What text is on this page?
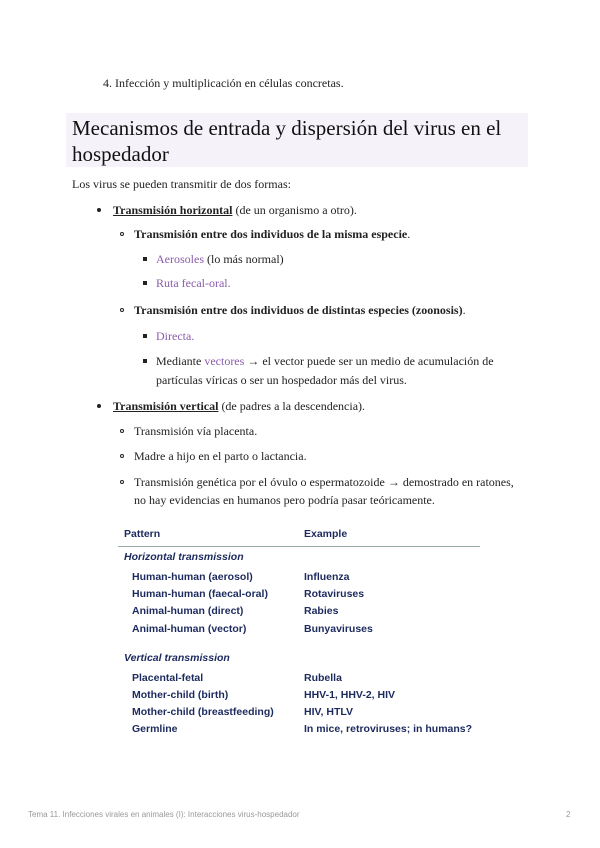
4. Infección y multiplicación en células concretas.
Mecanismos de entrada y dispersión del virus en el hospedador
Los virus se pueden transmitir de dos formas:
Transmisión horizontal (de un organismo a otro).
Transmisión entre dos individuos de la misma especie.
Aerosoles (lo más normal)
Ruta fecal-oral.
Transmisión entre dos individuos de distintas especies (zoonosis).
Directa.
Mediante vectores → el vector puede ser un medio de acumulación de
partículas víricas o ser un hospedador más del virus.
Transmisión vertical (de padres a la descendencia).
Transmisión vía placenta.
Madre a hijo en el parto o lactancia.
Transmisión genética por el óvulo o espermatozoide → demostrado en ratones,
no hay evidencias en humanos pero podría pasar teóricamente.
Pattern	Example
Horizontal transmission
Human-human (aerosol)	Influenza
Human-human (faecal-oral)	Rotaviruses
Animal-human (direct)	Rabies
Animal-human (vector)	Bunyaviruses
Vertical transmission
Placental-fetal	Rubella
Mother-child (birth)	HHV-1, HHV-2, HIV
Mother-child (breastfeeding)	HIV, HTLV
Germline	In mice, retroviruses; in humans?
Tema 11. Infecciones virales en animales (I): Interacciones virus-hospedador	2
